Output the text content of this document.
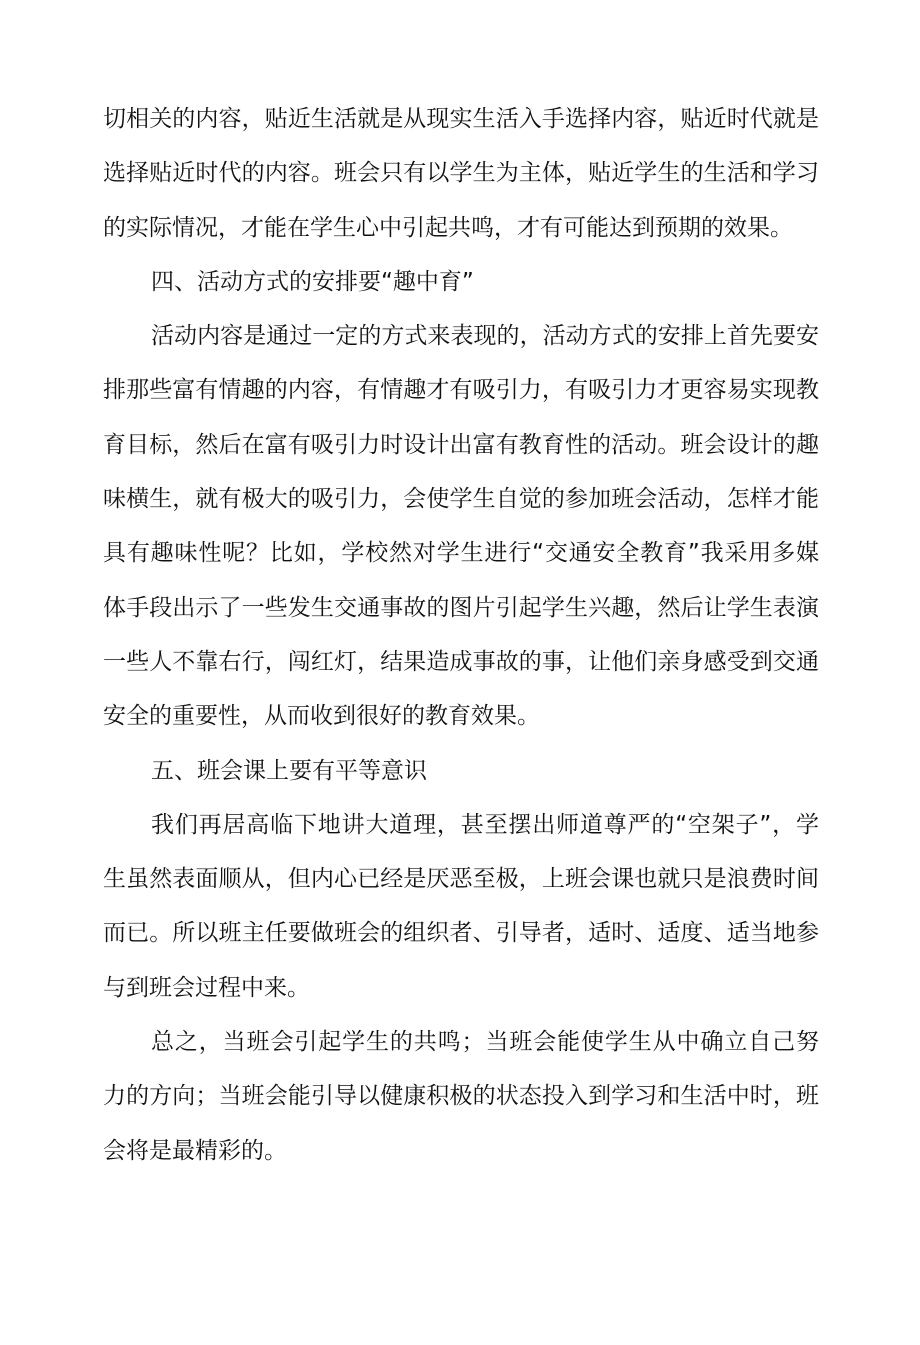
切相关的内容，贴近生活就是从现实生活入手选择内容，贴近时代就是
选择贴近时代的内容。班会只有以学生为主体，贴近学生的生活和学习
的实际情况，才能在学生心中引起共鸣，才有可能达到预期的效果。
四、活动方式的安排要“趣中育”
活动内容是通过一定的方式来表现的，活动方式的安排上首先要安
排那些富有情趣的内容，有情趣才有吸引力，有吸引力才更容易实现教
育目标，然后在富有吸引力时设计出富有教育性的活动。班会设计的趣
味横生，就有极大的吸引力，会使学生自觉的参加班会活动，怎样才能
具有趣味性呢？比如，学校然对学生进行“交通安全教育”我采用多媒
体手段出示了一些发生交通事故的图片引起学生兴趣，然后让学生表演
一些人不靠右行，闯红灯，结果造成事故的事，让他们亲身感受到交通
安全的重要性，从而收到很好的教育效果。
五、班会课上要有平等意识
我们再居高临下地讲大道理，甚至摆出师道尊严的“空架子”，学
生虽然表面顺从，但内心已经是厌恶至极，上班会课也就只是浪费时间
而已。所以班主任要做班会的组织者、引导者，适时、适度、适当地参
与到班会过程中来。
总之，当班会引起学生的共鸣；当班会能使学生从中确立自己努
力的方向；当班会能引导以健康积极的状态投入到学习和生活中时，班
会将是最精彩的。
